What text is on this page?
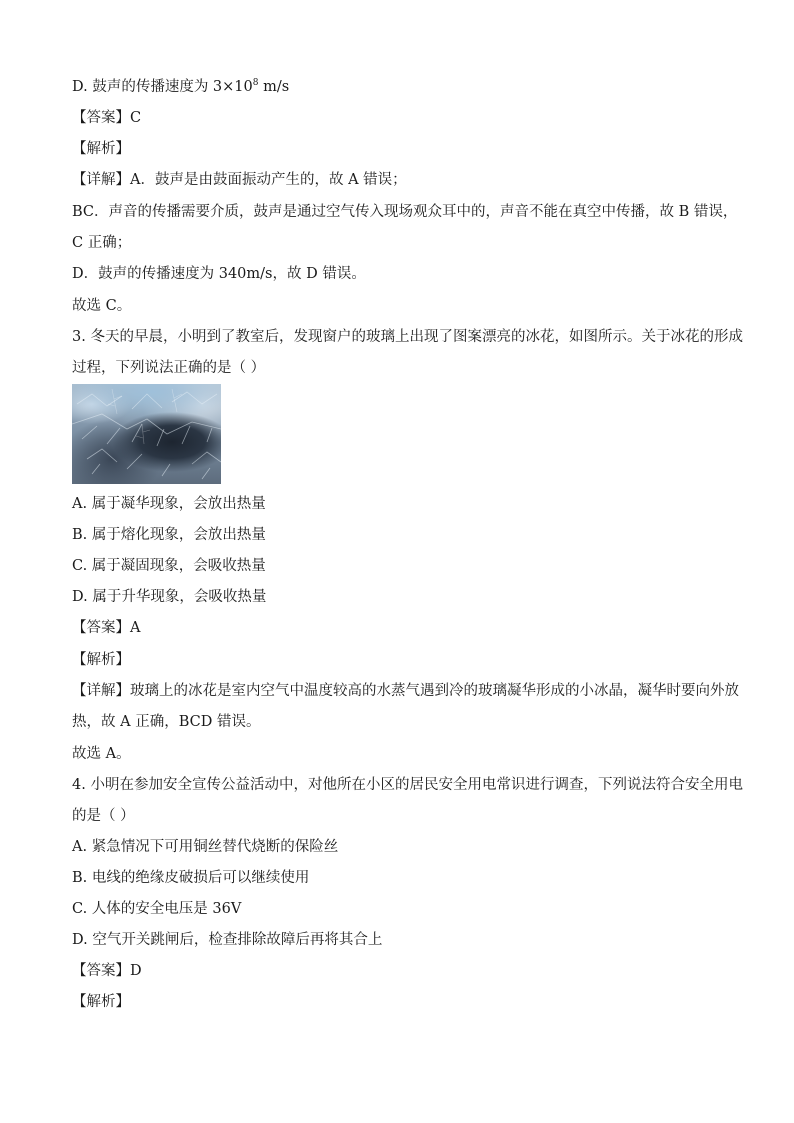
D. 鼓声的传播速度为 $3\times 10^8$ m/s
【答案】C
【解析】
【详解】A．鼓声是由鼓面振动产生的，故 A 错误；
BC．声音的传播需要介质，鼓声是通过空气传入现场观众耳中的，声音不能在真空中传播，故 B 错误，
C 正确；
D．鼓声的传播速度为 340m/s，故 D 错误。
故选 C。
3. 冬天的早晨，小明到了教室后，发现窗户的玻璃上出现了图案漂亮的冰花，如图所示。关于冰花的形成
过程，下列说法正确的是（ ）
A. 属于凝华现象，会放出热量
B. 属于熔化现象，会放出热量
C. 属于凝固现象，会吸收热量
D. 属于升华现象，会吸收热量
【答案】A
【解析】
【详解】玻璃上的冰花是室内空气中温度较高的水蒸气遇到冷的玻璃凝华形成的小冰晶，凝华时要向外放
热，故 A 正确，BCD 错误。
故选 A。
4. 小明在参加安全宣传公益活动中，对他所在小区的居民安全用电常识进行调查，下列说法符合安全用电
的是（ ）
A. 紧急情况下可用铜丝替代烧断的保险丝
B. 电线的绝缘皮破损后可以继续使用
C. 人体的安全电压是 36V
D. 空气开关跳闸后，检查排除故障后再将其合上
【答案】D
【解析】
